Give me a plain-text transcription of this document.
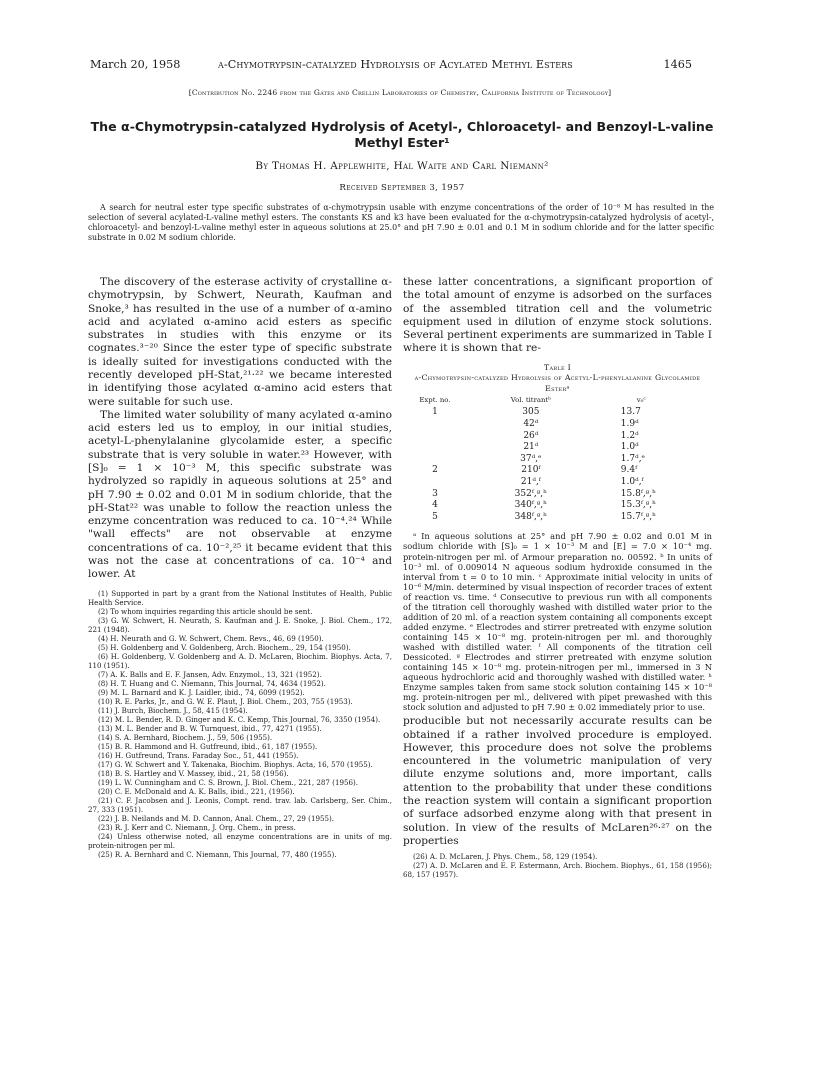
March 20, 1958	α-Chymotrypsin-catalyzed Hydrolysis of Acylated Methyl Esters	1465
[Contribution No. 2246 from the Gates and Crellin Laboratories of Chemistry, California Institute of Technology]
The α-Chymotrypsin-catalyzed Hydrolysis of Acetyl-, Chloroacetyl- and Benzoyl-L-valine Methyl Ester¹
By Thomas H. Applewhite, Hal Waite and Carl Niemann²
Received September 3, 1957
A search for neutral ester type specific substrates of α-chymotrypsin usable with enzyme concentrations of the order of 10⁻⁸ M has resulted in the selection of several acylated-L-valine methyl esters. The constants KS and k3 have been evaluated for the α-chymotrypsin-catalyzed hydrolysis of acetyl-, chloroacetyl- and benzoyl-L-valine methyl ester in aqueous solutions at 25.0° and pH 7.90 ± 0.01 and 0.1 M in sodium chloride and for the latter specific substrate in 0.02 M sodium chloride.

The discovery of the esterase activity of crystalline α-chymotrypsin, by Schwert, Neurath, Kaufman and Snoke,³ has resulted in the use of a number of α-amino acid and acylated α-amino acid esters as specific substrates in studies with this enzyme or its cognates.³⁻²⁰ Since the ester type of specific substrate is ideally suited for investigations conducted with the recently developed pH-Stat,²¹·²² we became interested in identifying those acylated α-amino acid esters that were suitable for such use.

The limited water solubility of many acylated α-amino acid esters led us to employ, in our initial studies, acetyl-L-phenylalanine glycolamide ester, a specific substrate that is very soluble in water.²³ However, with [S]₀ = 1 × 10⁻³ M, this specific substrate was hydrolyzed so rapidly in aqueous solutions at 25° and pH 7.90 ± 0.02 and 0.01 M in sodium chloride, that the pH-Stat²² was unable to follow the reaction unless the enzyme concentration was reduced to ca. 10⁻⁴.²⁴ While "wall effects" are not observable at enzyme concentrations of ca. 10⁻²,²⁵ it became evident that this was not the case at concentrations of ca. 10⁻⁴ and lower. At

(1) Supported in part by a grant from the National Institutes of Health, Public Health Service.

(2) To whom inquiries regarding this article should be sent.

(3) G. W. Schwert, H. Neurath, S. Kaufman and J. E. Snoke, J. Biol. Chem., 172, 221 (1948).

(4) H. Neurath and G. W. Schwert, Chem. Revs., 46, 69 (1950).

(5) H. Goldenberg and V. Goldenberg, Arch. Biochem., 29, 154 (1950).

(6) H. Goldenberg, V. Goldenberg and A. D. McLaren, Biochim. Biophys. Acta, 7, 110 (1951).

(7) A. K. Balls and E. F. Jansen, Adv. Enzymol., 13, 321 (1952).

(8) H. T. Huang and C. Niemann, This Journal, 74, 4634 (1952).

(9) M. L. Barnard and K. J. Laidler, ibid., 74, 6099 (1952).

(10) R. E. Parks, Jr., and G. W. E. Plaut, J. Biol. Chem., 203, 755 (1953).

(11) J. Burch, Biochem. J., 58, 415 (1954).

(12) M. L. Bender, R. D. Ginger and K. C. Kemp, This Journal, 76, 3350 (1954).

(13) M. L. Bender and B. W. Turnquest, ibid., 77, 4271 (1955).

(14) S. A. Bernhard, Biochem. J., 59, 506 (1955).

(15) B. R. Hammond and H. Gutfreund, ibid., 61, 187 (1955).

(16) H. Gutfreund, Trans. Faraday Soc., 51, 441 (1955).

(17) G. W. Schwert and Y. Takenaka, Biochim. Biophys. Acta, 16, 570 (1955).

(18) B. S. Hartley and V. Massey, ibid., 21, 58 (1956).

(19) L. W. Cunningham and C. S. Brown, J. Biol. Chem., 221, 287 (1956).

(20) C. E. McDonald and A. K. Balls, ibid., 221, (1956).

(21) C. F. Jacobsen and J. Leonis, Compt. rend. trav. lab. Carlsberg, Ser. Chim., 27, 333 (1951).

(22) J. B. Neilands and M. D. Cannon, Anal. Chem., 27, 29 (1955).

(23) R. J. Kerr and C. Niemann, J. Org. Chem., in press.

(24) Unless otherwise noted, all enzyme concentrations are in units of mg. protein-nitrogen per ml.

(25) R. A. Bernhard and C. Niemann, This Journal, 77, 480 (1955).

these latter concentrations, a significant proportion of the total amount of enzyme is adsorbed on the surfaces of the assembled titration cell and the volumetric equipment used in dilution of enzyme stock solutions. Several pertinent experiments are summarized in Table I where it is shown that re-
Table I
α-Chymotrypsin-catalyzed Hydrolysis of Acetyl-L-phenylalanine Glycolamide Esterᵃ
Expt. no.	Vol. titrantᵇ	v₀ᶜ
1	305	13.7
	42ᵈ	1.9ᵈ
	26ᵈ	1.2ᵈ
	21ᵈ	1.0ᵈ
	37ᵈ,ᵉ	1.7ᵈ,ᵉ
2	210ᶠ	9.4ᶠ
	21ᵈ,ᶠ	1.0ᵈ,ᶠ
3	352ᶠ,ᵍ,ʰ	15.8ᶠ,ᵍ,ʰ
4	340ᶠ,ᵍ,ʰ	15.3ᶠ,ᵍ,ʰ
5	348ᶠ,ᵍ,ʰ	15.7ᶠ,ᵍ,ʰ
ᵃ In aqueous solutions at 25° and pH 7.90 ± 0.02 and 0.01 M in sodium chloride with [S]₀ = 1 × 10⁻³ M and [E] = 7.0 × 10⁻⁴ mg. protein-nitrogen per ml. of Armour preparation no. 00592. ᵇ In units of 10⁻³ ml. of 0.009014 N aqueous sodium hydroxide consumed in the interval from t = 0 to 10 min. ᶜ Approximate initial velocity in units of 10⁻⁶ M/min. determined by visual inspection of recorder traces of extent of reaction vs. time. ᵈ Consecutive to previous run with all components of the titration cell thoroughly washed with distilled water prior to the addition of 20 ml. of a reaction system containing all components except added enzyme. ᵉ Electrodes and stirrer pretreated with enzyme solution containing 145 × 10⁻⁸ mg. protein-nitrogen per ml. and thoroughly washed with distilled water. ᶠ All components of the titration cell Dessicoted. ᵍ Electrodes and stirrer pretreated with enzyme solution containing 145 × 10⁻⁸ mg. protein-nitrogen per ml., immersed in 3 N aqueous hydrochloric acid and thoroughly washed with distilled water. ʰ Enzyme samples taken from same stock solution containing 145 × 10⁻⁸ mg. protein-nitrogen per ml., delivered with pipet prewashed with this stock solution and adjusted to pH 7.90 ± 0.02 immediately prior to use.
producible but not necessarily accurate results can be obtained if a rather involved procedure is employed. However, this procedure does not solve the problems encountered in the volumetric manipulation of very dilute enzyme solutions and, more important, calls attention to the probability that under these conditions the reaction system will contain a significant proportion of surface adsorbed enzyme along with that present in solution. In view of the results of McLaren²⁶·²⁷ on the properties

(26) A. D. McLaren, J. Phys. Chem., 58, 129 (1954).

(27) A. D. McLaren and E. F. Estermann, Arch. Biochem. Biophys., 61, 158 (1956); 68, 157 (1957).
